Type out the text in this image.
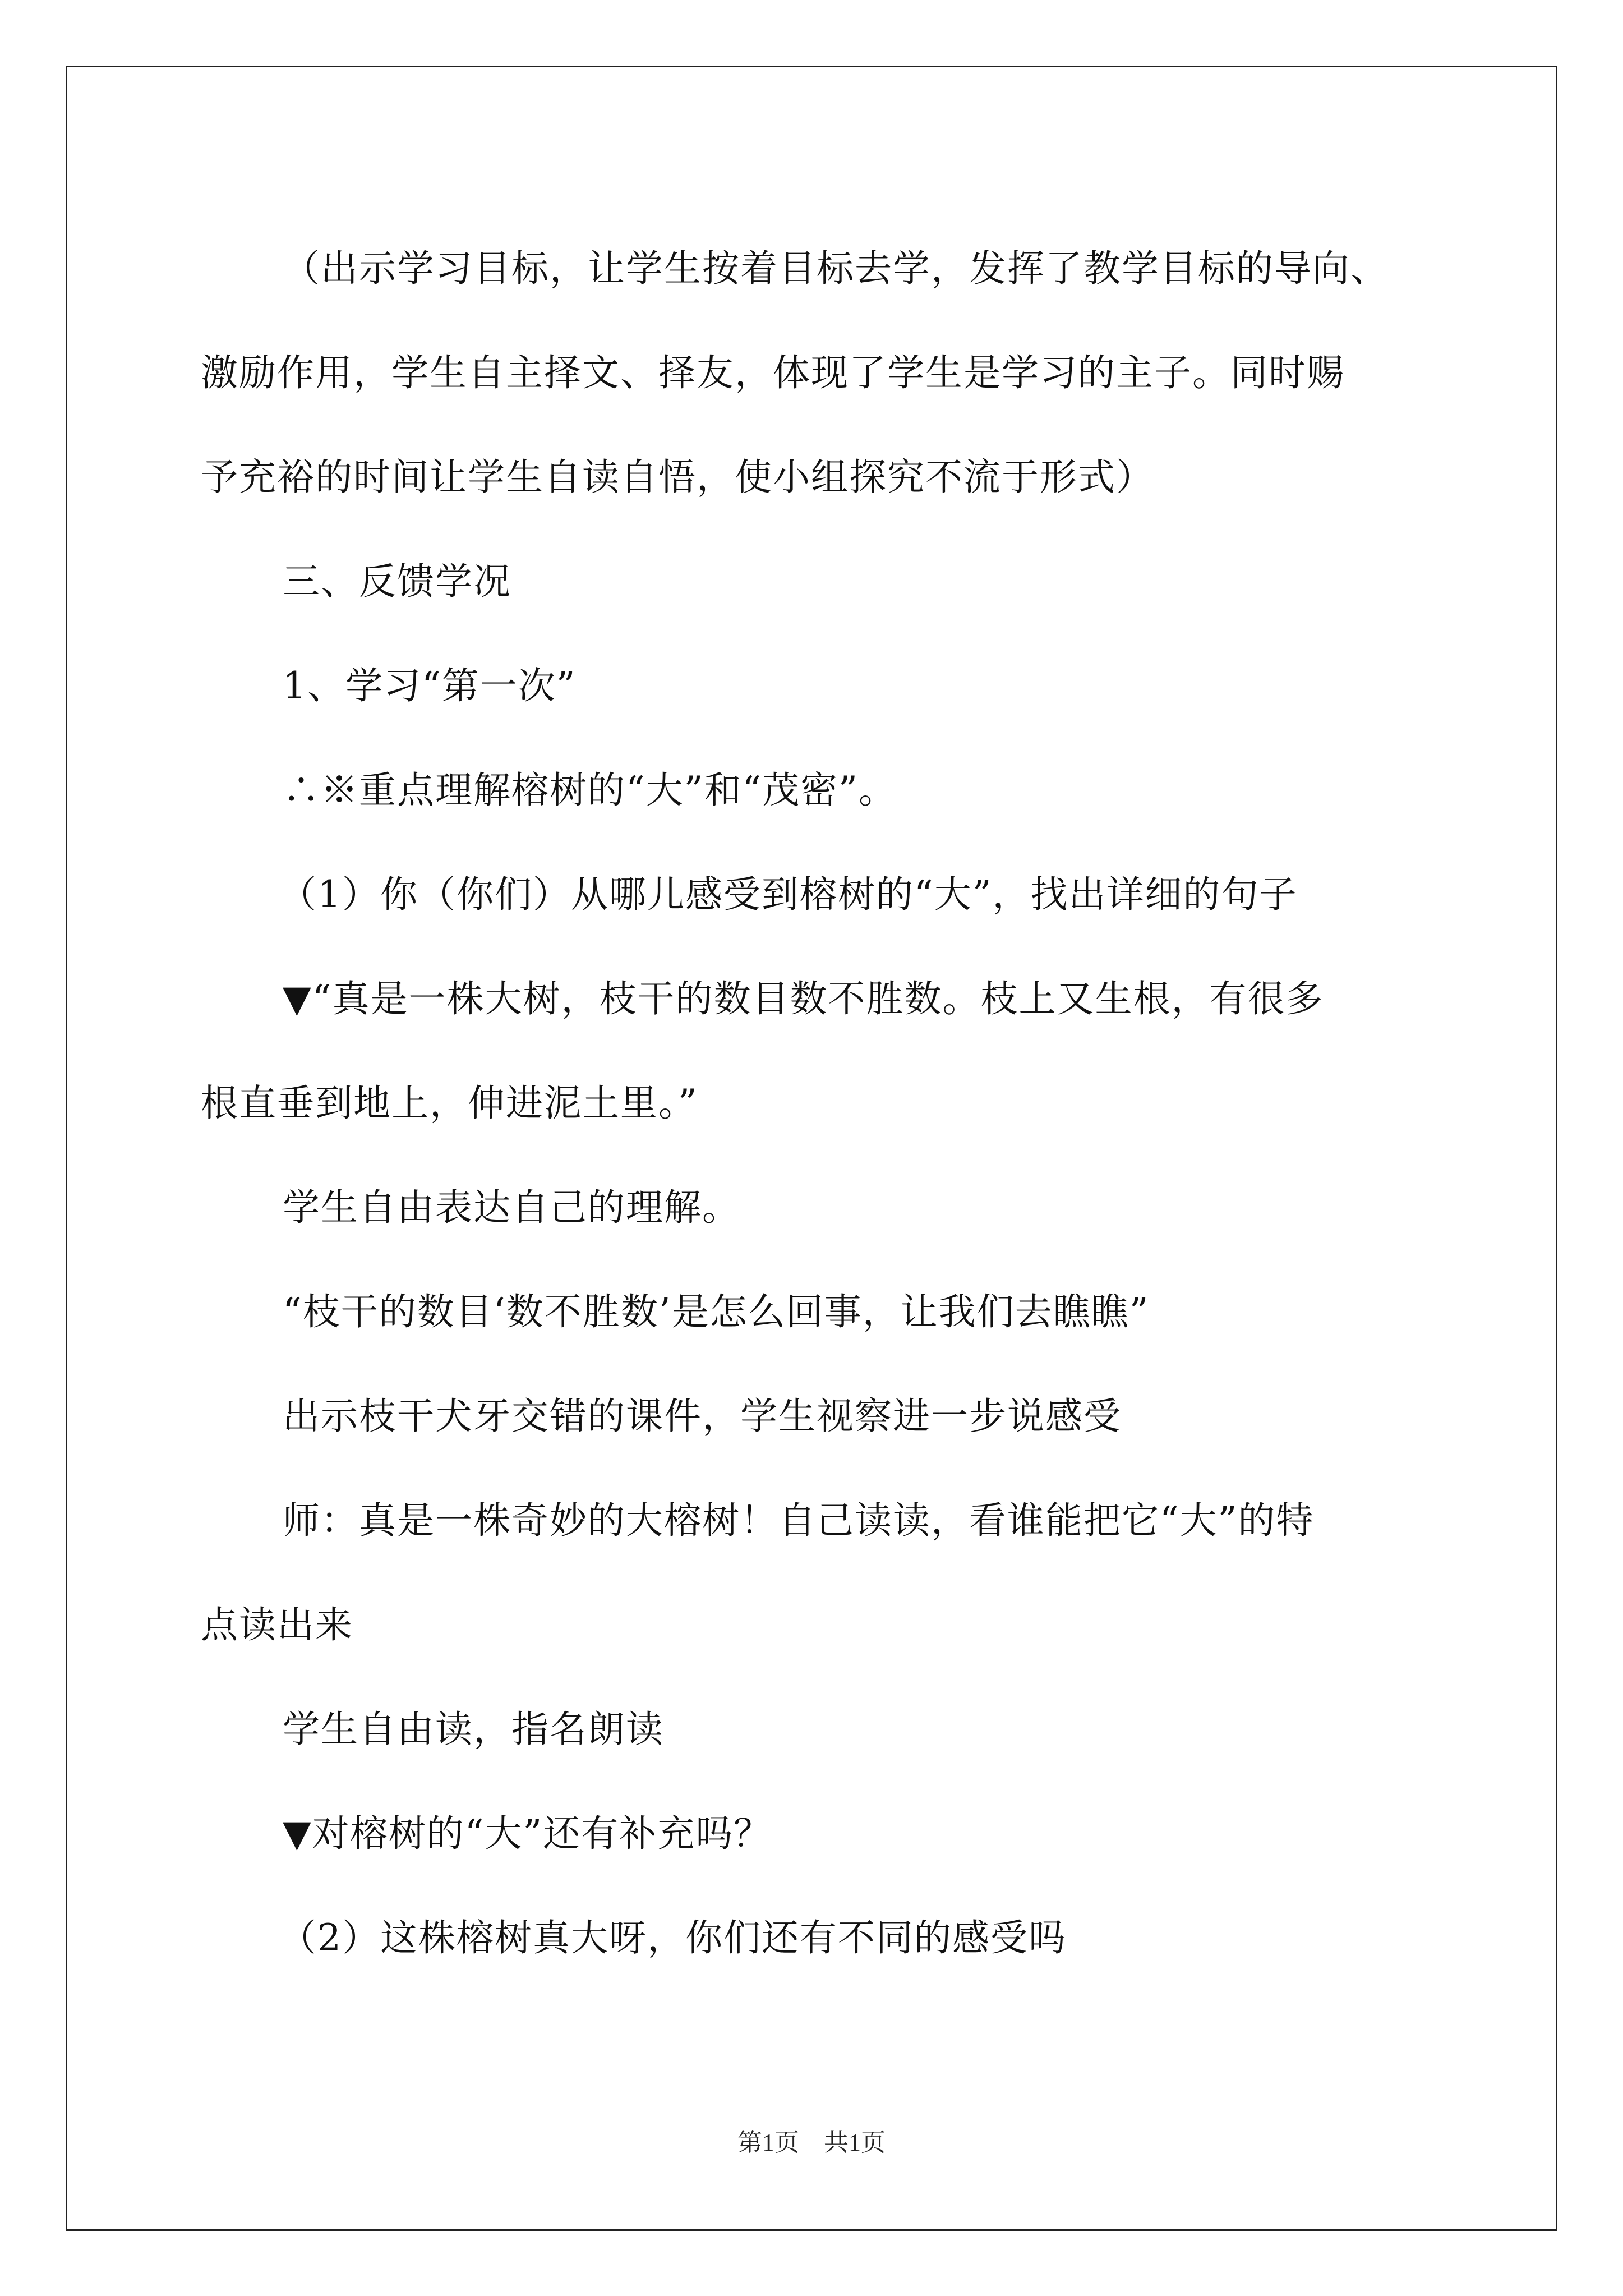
（出示学习目标，让学生按着目标去学，发挥了教学目标的导向、

激励作用，学生自主择文、择友，体现了学生是学习的主子。同时赐

予充裕的时间让学生自读自悟，使小组探究不流于形式）

三、反馈学况

1、学习“第一次”

∴※重点理解榕树的“大”和“茂密”。

（1）你（你们）从哪儿感受到榕树的“大”，找出详细的句子

▼“真是一株大树，枝干的数目数不胜数。枝上又生根，有很多

根直垂到地上，伸进泥土里。”

学生自由表达自己的理解。

“枝干的数目‘数不胜数’是怎么回事，让我们去瞧瞧”

出示枝干犬牙交错的课件，学生视察进一步说感受

师：真是一株奇妙的大榕树！自己读读，看谁能把它“大”的特

点读出来

学生自由读，指名朗读

▼对榕树的“大”还有补充吗？

（2）这株榕树真大呀，你们还有不同的感受吗

第1页　共1页
